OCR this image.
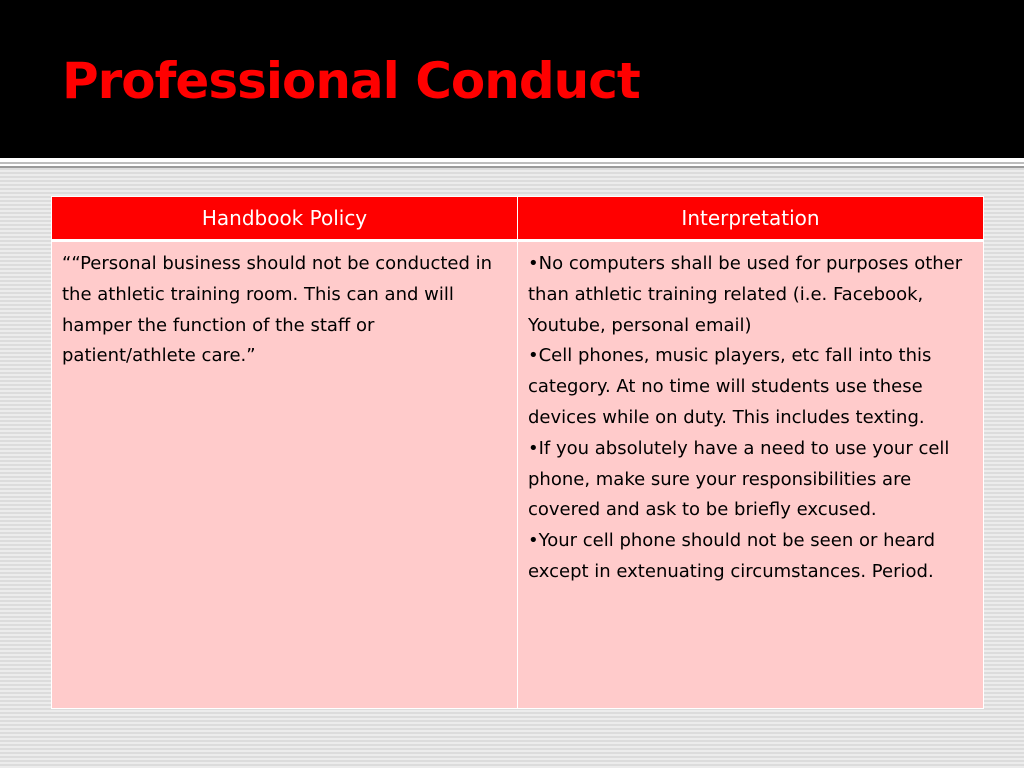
Professional Conduct
Handbook Policy	Interpretation
““Personal business should not be conducted in the athletic training room. This can and will hamper the function of the staff or patient/athlete care.”	•No computers shall be used for purposes other than athletic training related (i.e. Facebook, Youtube, personal email)
•Cell phones, music players, etc fall into this category. At no time will students use these devices while on duty. This includes texting.
•If you absolutely have a need to use your cell phone, make sure your responsibilities are covered and ask to be briefly excused.
•Your cell phone should not be seen or heard except in extenuating circumstances. Period.
